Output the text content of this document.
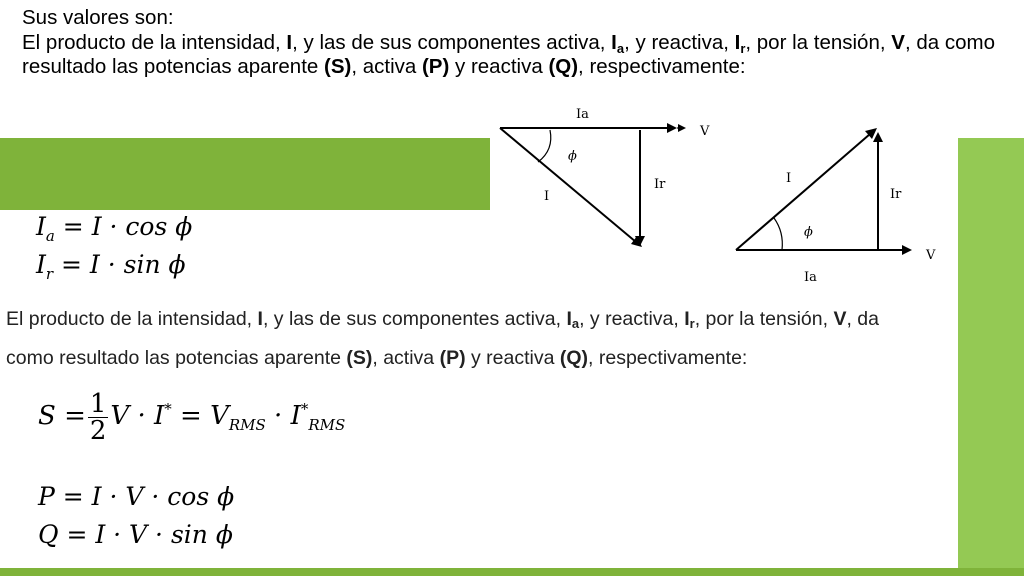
Sus valores son:
El producto de la intensidad, I, y las de sus componentes activa, $I_a$, y reactiva, $I_r$, por la tensión, V, da como resultado las potencias aparente (S), activa (P) y reactiva (Q), respectivamente:
Ia
V
ϕ
I
Ir	I
Ir
ϕ
V
Ia
$I_a = I \cdot \cos \phi$
$I_r = I \cdot \sin \phi$
El producto de la intensidad, I, y las de sus componentes activa, $I_a$, y reactiva, $I_r$, por la tensión, V, da
como resultado las potencias aparente (S), activa (P) y reactiva (Q), respectivamente:
$S = \frac{1}{2}$ $V \cdot I^* = V_{RMS} \cdot I^*_{RMS}$
P = I · V · cos ϕ
Q = I · V · sin ϕ
